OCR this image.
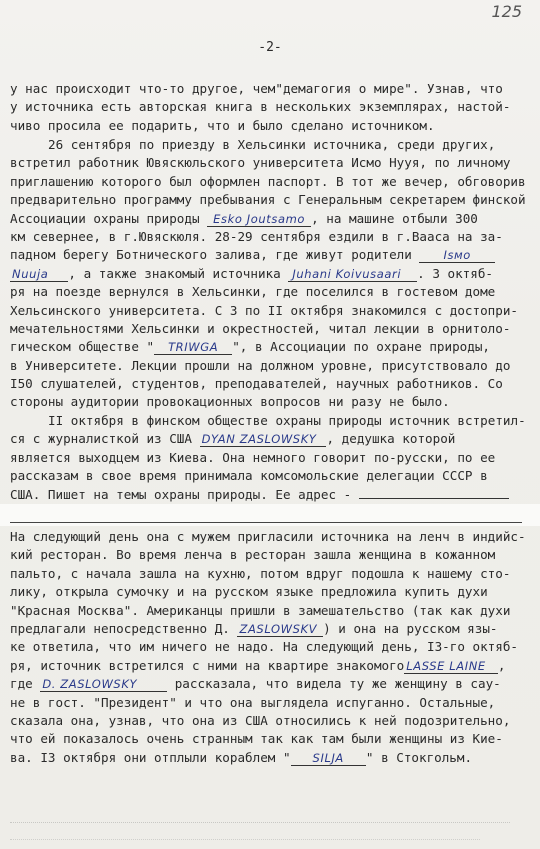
125
-2-
у нас происходит что-то другое, чем"демагогия о мире". Узнав, что
у источника есть авторская книга в нескольких экземплярах, настой-
чиво просила ее подарить, что и было сделано источником.
26 сентября по приезду в Хельсинки источника, среди других,
встретил работник Ювяскюльского университета Исмо Нууя, по личному
приглашению которого был оформлен паспорт. В тот же вечер, обговорив
предварительно программу пребывания с Генеральным секретарем финской
Ассоциации охраны природы Esko Joutsamo , на машине отбыли 300
км севернее, в г.Ювяскюля. 28-29 сентября ездили в г.Вааса на за-
падном берегу Ботнического залива, где живут родители	Isмо
Nuuja , а также знакомый источника Juhani Koivusaari . 3 октяб-
ря на поезде вернулся в Хельсинки, где поселился в гостевом доме
Хельсинского университета. С 3 по II октября знакомился с достопри-
мечательностями Хельсинки и окрестностей, читал лекции в орнитоло-
гическом обществе " TRIWGA ", в Ассоциации по охране природы,
в Университете. Лекции прошли на должном уровне, присутствовало до
I50 слушателей, студентов, преподавателей, научных работников. Со
стороны аудитории провокационных вопросов ни разу не было.
II октября в финском обществе охраны природы источник встретил-
ся с журналисткой из США DYAN ZASLOWSKY , дедушка которой
является выходцем из Киева. Она немного говорит по-русски, по ее
рассказам в свое время принимала комсомольские делегации СССР в
США. Пишет на темы охраны природы. Ее адрес -
На следующий день она с мужем пригласили источника на ленч в индийс-
кий ресторан. Во время ленча в ресторан зашла женщина в кожанном
пальто, с начала зашла на кухню, потом вдруг подошла к нашему сто-
лику, открыла сумочку и на русском языке предложила купить духи
"Красная Москва". Американцы пришли в замешательство (так как духи
предлагали непосредственно Д. ZASLOWSKV ) и она на русском язы-
ке ответила, что им ничего не надо. На следующий день, I3-го октяб-
ря, источник встретился с ними на квартире знакомого LASSE LAINE ,
где D. ZASLOWSKY	рассказала, что видела ту же женщину в сау-
не в гост. "Президент" и что она выглядела испуганно. Остальные,
сказала она, узнав, что она из США относились к ней подозрительно,
что ей показалось очень странным так как там были женщины из Кие-
ва. I3 октября они отплыли кораблем " SILJA " в Стокгольм.
